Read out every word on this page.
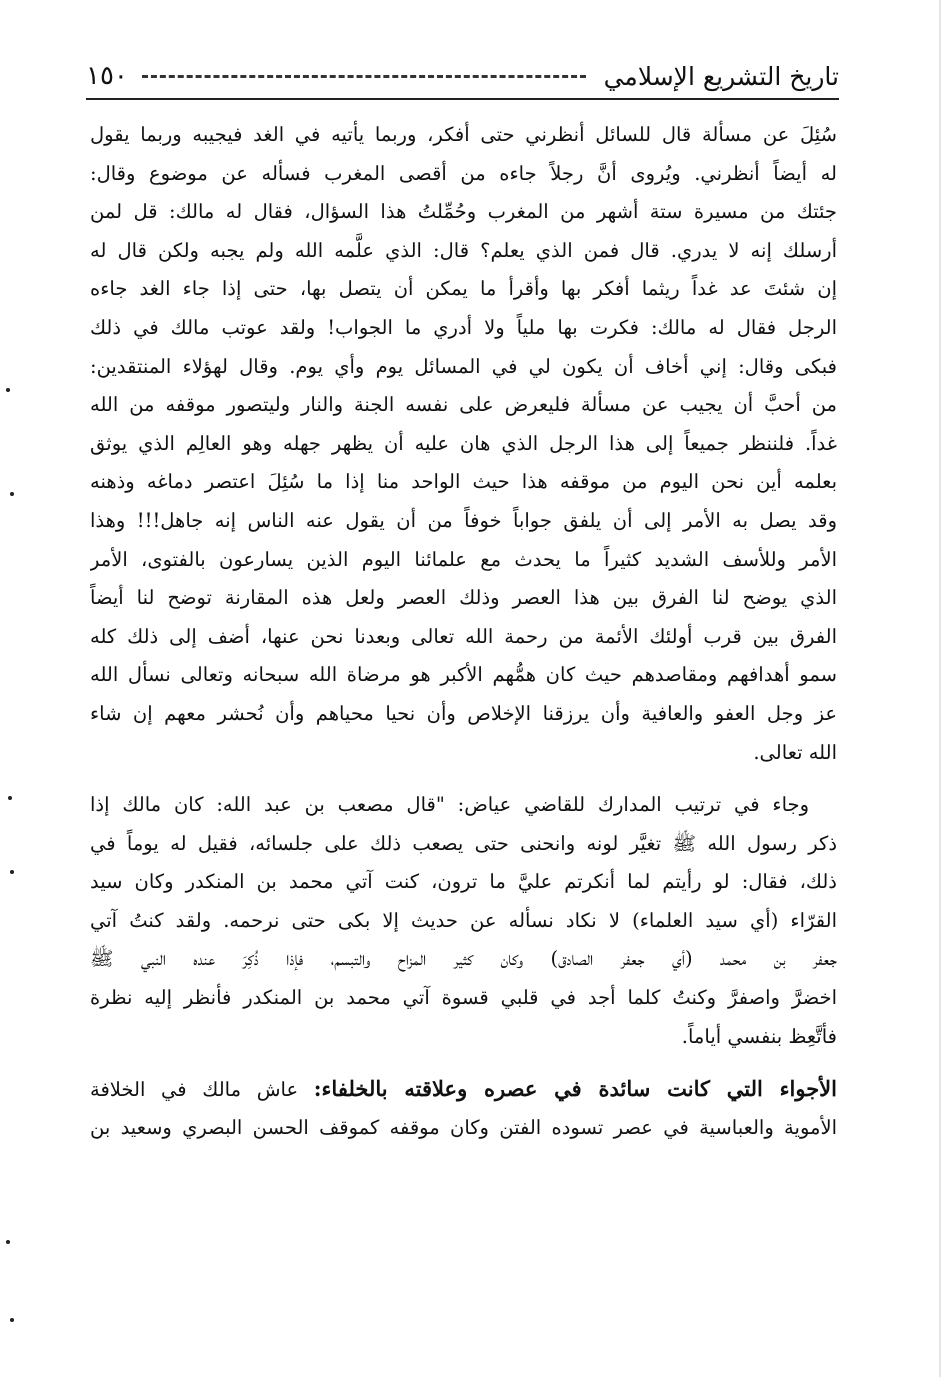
١٥٠	تاريخ التشريع الإسلامي
سُئِلَ عن مسألة قال للسائل أنظرني حتى أفكر، وربما يأتيه في الغد فيجيبه وربما يقول
له أيضاً أنظرني. ويُروى أنَّ رجلاً جاءه من أقصى المغرب فسأله عن موضوع وقال:
جئتك من مسيرة ستة أشهر من المغرب وحُمِّلتُ هذا السؤال، فقال له مالك: قل لمن
أرسلك إنه لا يدري. قال فمن الذي يعلم؟ قال: الذي علَّمه الله ولم يجبه ولكن قال له
إن شئتَ عد غداً ريثما أفكر بها وأقرأ ما يمكن أن يتصل بها، حتى إذا جاء الغد جاءه
الرجل فقال له مالك: فكرت بها ملياً ولا أدري ما الجواب! ولقد عوتب مالك في ذلك
فبكى وقال: إني أخاف أن يكون لي في المسائل يوم وأي يوم. وقال لهؤلاء المنتقدين:
من أحبَّ أن يجيب عن مسألة فليعرض على نفسه الجنة والنار وليتصور موقفه من الله
غداً. فلننظر جميعاً إلى هذا الرجل الذي هان عليه أن يظهر جهله وهو العالِم الذي يوثق
بعلمه أين نحن اليوم من موقفه هذا حيث الواحد منا إذا ما سُئِلَ اعتصر دماغه وذهنه
وقد يصل به الأمر إلى أن يلفق جواباً خوفاً من أن يقول عنه الناس إنه جاهل!!! وهذا
الأمر وللأسف الشديد كثيراً ما يحدث مع علمائنا اليوم الذين يسارعون بالفتوى، الأمر
الذي يوضح لنا الفرق بين هذا العصر وذلك العصر ولعل هذه المقارنة توضح لنا أيضاً
الفرق بين قرب أولئك الأئمة من رحمة الله تعالى وبعدنا نحن عنها، أضف إلى ذلك كله
سمو أهدافهم ومقاصدهم حيث كان همُّهم الأكبر هو مرضاة الله سبحانه وتعالى نسأل الله
عز وجل العفو والعافية وأن يرزقنا الإخلاص وأن نحيا محياهم وأن نُحشر معهم إن شاء
الله تعالى.
وجاء في ترتيب المدارك للقاضي عياض: "قال مصعب بن عبد الله: كان مالك إذا
ذكر رسول الله ﷺ تغيَّر لونه وانحنى حتى يصعب ذلك على جلسائه، فقيل له يوماً في
ذلك، فقال: لو رأيتم لما أنكرتم عليَّ ما ترون، كنت آتي محمد بن المنكدر وكان سيد
القرّاء (أي سيد العلماء) لا نكاد نسأله عن حديث إلا بكى حتى نرحمه. ولقد كنتُ آتي
جعفر بن محمد (أي جعفر الصادق) وكان كثير المزاح والتبسم، فإذا ذُكِرَ عنده النبي ﷺ
اخضرَّ واصفرَّ وكنتُ كلما أجد في قلبي قسوة آتي محمد بن المنكدر فأنظر إليه نظرة
فأتَّعِظ بنفسي أياماً.
الأجواء التي كانت سائدة في عصره وعلاقته بالخلفاء: عاش مالك في الخلافة
الأموية والعباسية في عصر تسوده الفتن وكان موقفه كموقف الحسن البصري وسعيد بن
